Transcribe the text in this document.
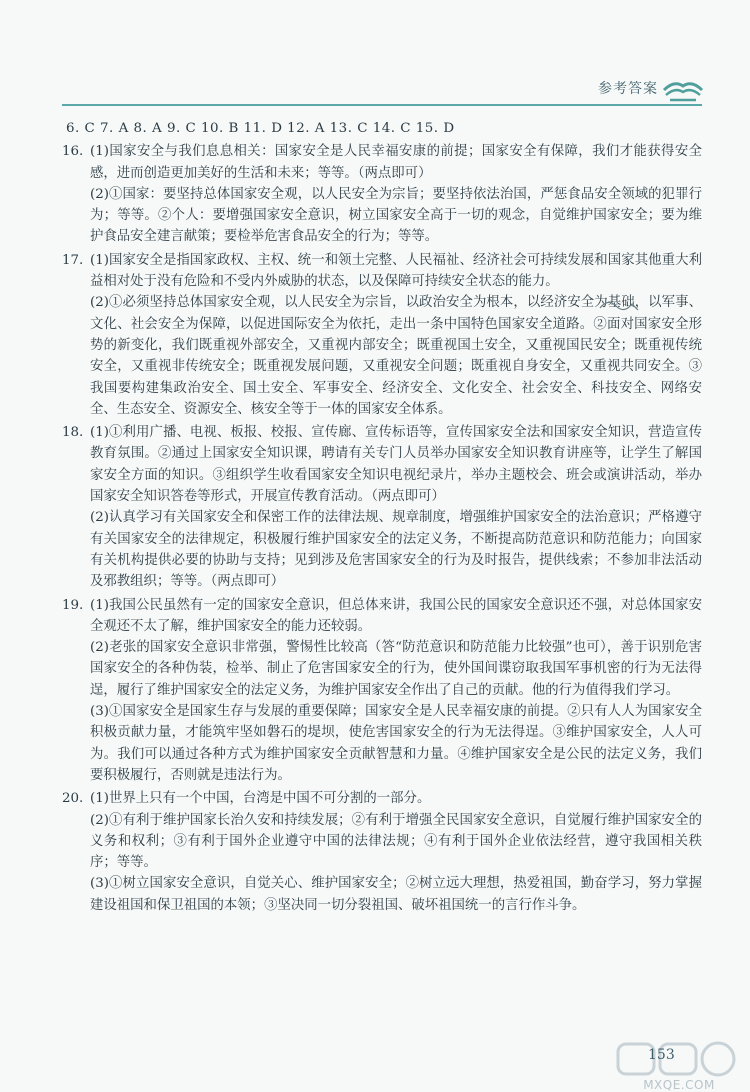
参考答案
6. C 7. A 8. A 9. C 10. B 11. D 12. A 13. C 14. C 15. D
16. (1)国家安全与我们息息相关：国家安全是人民幸福安康的前提；国家安全有保障，我们才能获得安全感，进而创造更加美好的生活和未来；等等。（两点即可）
(2)①国家：要坚持总体国家安全观，以人民安全为宗旨；要坚持依法治国，严惩食品安全领域的犯罪行为；等等。②个人：要增强国家安全意识，树立国家安全高于一切的观念，自觉维护国家安全；要为维护食品安全建言献策；要检举危害食品安全的行为；等等。
17. (1)国家安全是指国家政权、主权、统一和领土完整、人民福祉、经济社会可持续发展和国家其他重大利益相对处于没有危险和不受内外威胁的状态，以及保障可持续安全状态的能力。
(2)①必须坚持总体国家安全观，以人民安全为宗旨，以政治安全为根本，以经济安全为基础，以军事、文化、社会安全为保障，以促进国际安全为依托，走出一条中国特色国家安全道路。②面对国家安全形势的新变化，我们既重视外部安全，又重视内部安全；既重视国土安全，又重视国民安全；既重视传统安全，又重视非传统安全；既重视发展问题，又重视安全问题；既重视自身安全，又重视共同安全。③我国要构建集政治安全、国土安全、军事安全、经济安全、文化安全、社会安全、科技安全、网络安全、生态安全、资源安全、核安全等于一体的国家安全体系。
18. (1)①利用广播、电视、板报、校报、宣传廊、宣传标语等，宣传国家安全法和国家安全知识，营造宣传教育氛围。②通过上国家安全知识课，聘请有关专门人员举办国家安全知识教育讲座等，让学生了解国家安全方面的知识。③组织学生收看国家安全知识电视纪录片，举办主题校会、班会或演讲活动，举办国家安全知识答卷等形式，开展宣传教育活动。（两点即可）
(2)认真学习有关国家安全和保密工作的法律法规、规章制度，增强维护国家安全的法治意识；严格遵守有关国家安全的法律规定，积极履行维护国家安全的法定义务，不断提高防范意识和防范能力；向国家有关机构提供必要的协助与支持；见到涉及危害国家安全的行为及时报告，提供线索；不参加非法活动及邪教组织；等等。（两点即可）
19. (1)我国公民虽然有一定的国家安全意识，但总体来讲，我国公民的国家安全意识还不强，对总体国家安全观还不太了解，维护国家安全的能力还较弱。
(2)老张的国家安全意识非常强，警惕性比较高（答“防范意识和防范能力比较强”也可），善于识别危害国家安全的各种伪装，检举、制止了危害国家安全的行为，使外国间谍窃取我国军事机密的行为无法得逞，履行了维护国家安全的法定义务，为维护国家安全作出了自己的贡献。他的行为值得我们学习。
(3)①国家安全是国家生存与发展的重要保障；国家安全是人民幸福安康的前提。②只有人人为国家安全积极贡献力量，才能筑牢坚如磐石的堤坝，使危害国家安全的行为无法得逞。③维护国家安全，人人可为。我们可以通过各种方式为维护国家安全贡献智慧和力量。④维护国家安全是公民的法定义务，我们要积极履行，否则就是违法行为。
20. (1)世界上只有一个中国，台湾是中国不可分割的一部分。
(2)①有利于维护国家长治久安和持续发展；②有利于增强全民国家安全意识，自觉履行维护国家安全的义务和权利；③有利于国外企业遵守中国的法律法规；④有利于国外企业依法经营，遵守我国相关秩序；等等。
(3)①树立国家安全意识，自觉关心、维护国家安全；②树立远大理想，热爱祖国，勤奋学习，努力掌握建设祖国和保卫祖国的本领；③坚决同一切分裂祖国、破坏祖国统一的言行作斗争。
153
MXQE.COM
